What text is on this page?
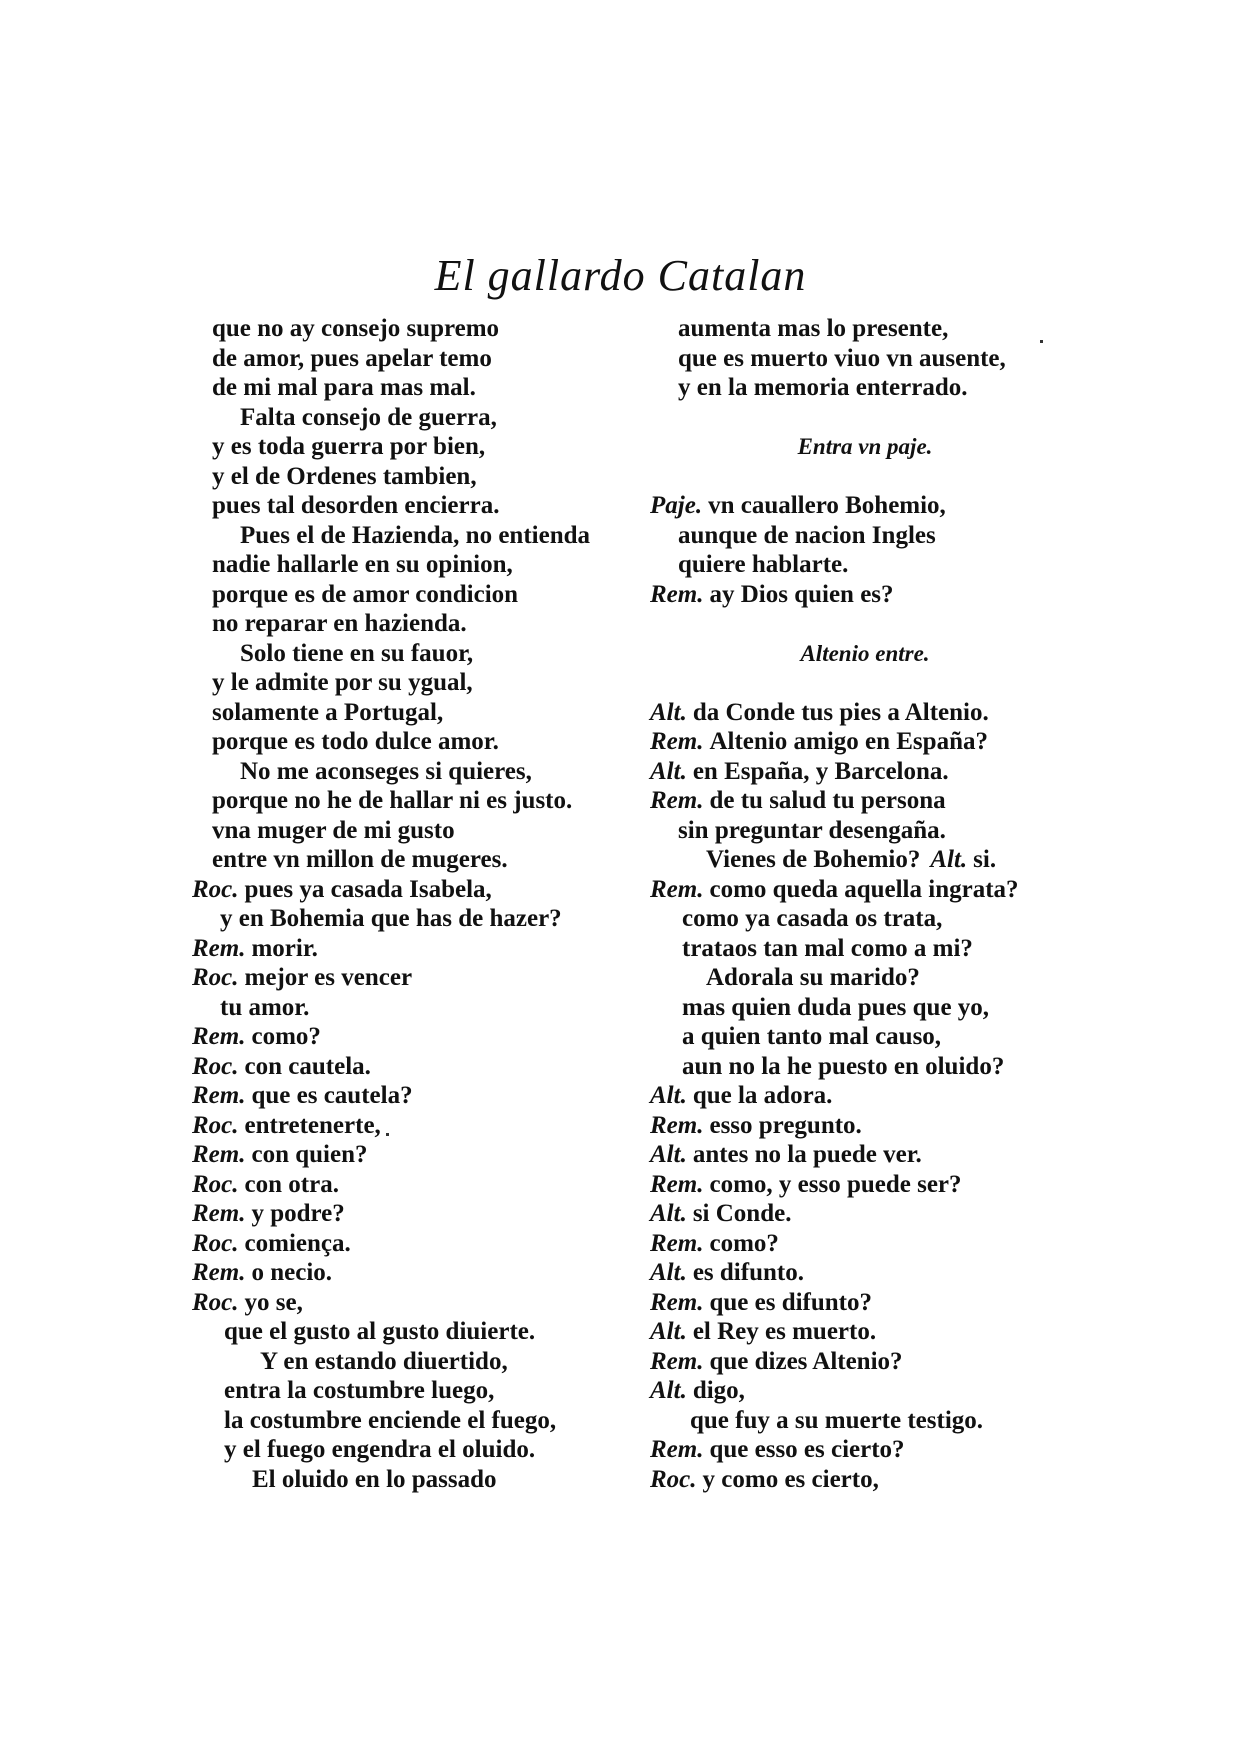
El gallardo Catalan
que no ay consejo supremo
de amor, pues apelar temo
de mi mal para mas mal.
Falta consejo de guerra,
y es toda guerra por bien,
y el de Ordenes tambien,
pues tal desorden encierra.
Pues el de Hazienda, no entienda
nadie hallarle en su opinion,
porque es de amor condicion
no reparar en hazienda.
Solo tiene en su fauor,
y le admite por su ygual,
solamente a Portugal,
porque es todo dulce amor.
No me aconseges si quieres,
porque no he de hallar ni es justo.
vna muger de mi gusto
entre vn millon de mugeres.
Roc. pues ya casada Isabela,
y en Bohemia que has de hazer?
Rem. morir.
Roc. mejor es vencer
tu amor.
Rem. como?
Roc. con cautela.
Rem. que es cautela?
Roc. entretenerte,
Rem. con quien?
Roc. con otra.
Rem. y podre?
Roc. comiença.
Rem. o necio.
Roc. yo se,
que el gusto al gusto diuierte.
Y en estando diuertido,
entra la costumbre luego,
la costumbre enciende el fuego,
y el fuego engendra el oluido.
El oluido en lo passado
aumenta mas lo presente,
que es muerto viuo vn ausente,
y en la memoria enterrado.
Entra vn paje.
Paje. vn cauallero Bohemio,
aunque de nacion Ingles
quiere hablarte.
Rem. ay Dios quien es?
Altenio entre.
Alt. da Conde tus pies a Altenio.
Rem. Altenio amigo en España?
Alt. en España, y Barcelona.
Rem. de tu salud tu persona
sin preguntar desengaña.
Vienes de Bohemio? Alt. si.
Rem. como queda aquella ingrata?
como ya casada os trata,
trataos tan mal como a mi?
Adorala su marido?
mas quien duda pues que yo,
a quien tanto mal causo,
aun no la he puesto en oluido?
Alt. que la adora.
Rem. esso pregunto.
Alt. antes no la puede ver.
Rem. como, y esso puede ser?
Alt. si Conde.
Rem. como?
Alt. es difunto.
Rem. que es difunto?
Alt. el Rey es muerto.
Rem. que dizes Altenio?
Alt. digo,
que fuy a su muerte testigo.
Rem. que esso es cierto?
Roc. y como es cierto,
